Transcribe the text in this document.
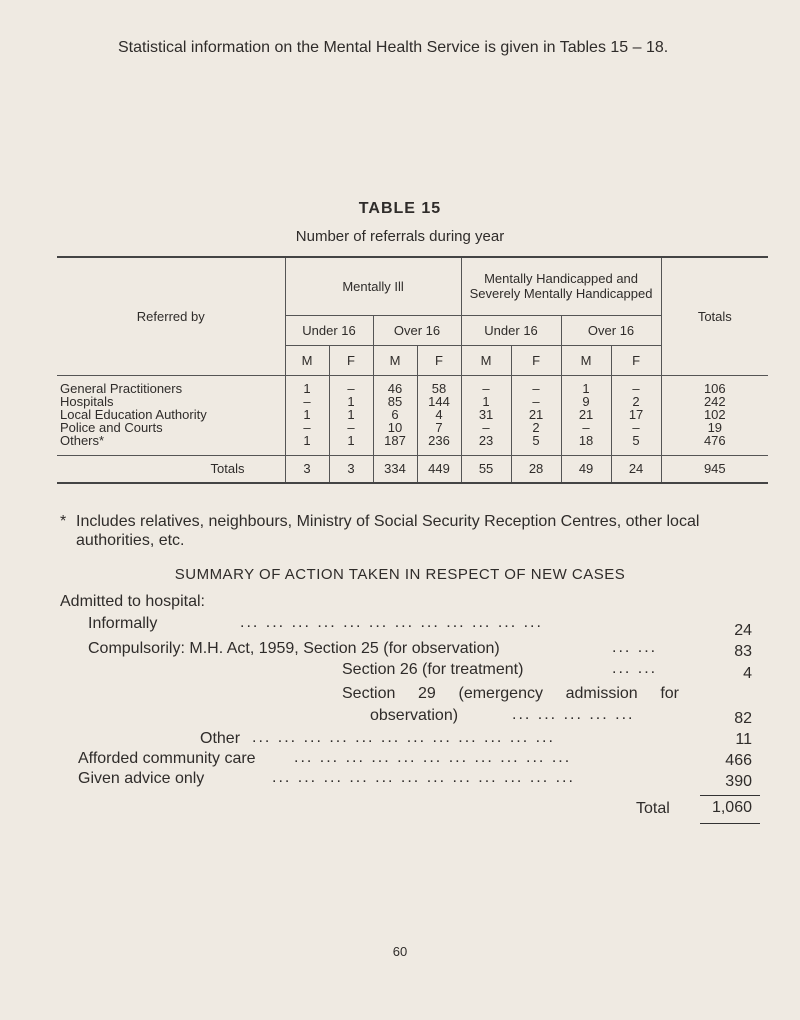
Statistical information on the Mental Health Service is given in Tables 15 – 18.
TABLE 15
Number of referrals during year
Referred by	Mentally Ill				Mentally Handicapped and Severely Mentally Handicapped				Totals
	Under 16		Over 16		Under 16		Over 16		
	M	F	M	F	M	F	M	F	
General Practitioners	1	–	46	58	–	–	1	–	106
Hospitals	–	1	85	144	1	–	9	2	242
Local Education Authority	1	1	6	4	31	21	21	17	102
Police and Courts	–	–	10	7	–	2	–	–	19
Others*	1	1	187	236	23	5	18	5	476
Totals	3	3	334	449	55	28	49	24	945
* Includes relatives, neighbours, Ministry of Social Security Reception Centres, other local authorities, etc.
SUMMARY OF ACTION TAKEN IN RESPECT OF NEW CASES
Admitted to hospital:
Informally	... ... ... ... ... ... ... ... ... ... ... ...	24
Compulsorily: M.H. Act, 1959, Section 25 (for observation)	... ...	83
Section 26 (for treatment)	... ...	4
Section 29 (emergency admission for
observation)	... ... ... ... ...	82
Other ... ... ... ... ... ... ... ... ... ... ... ...	11
Afforded community care ... ... ... ... ... ... ... ... ... ... ...	466
Given advice only	... ... ... ... ... ... ... ... ... ... ... ...	390
Total	1,060
60
